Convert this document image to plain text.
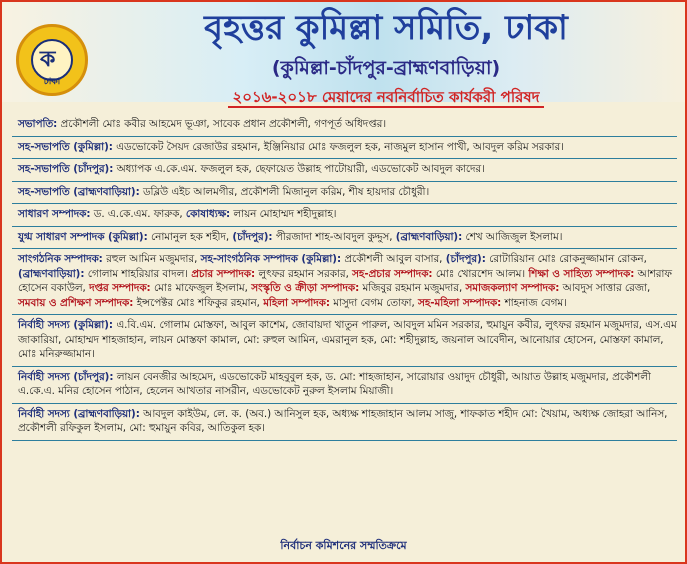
ক
ঢাকা
বৃহত্তর কুমিল্লা সমিতি, ঢাকা
(কুমিল্লা-চাঁদপুর-ব্রাহ্মণবাড়িয়া)
২০১৬-২০১৮ মেয়াদের নবনির্বাচিত কার্যকরী পরিষদ
সভাপতি: প্রকৌশলী মোঃ কবীর আহমেদ ভূঞা, সাবেক প্রধান প্রকৌশলী, গণপূর্ত অধিদপ্তর।
সহ-সভাপতি (কুমিল্লা): এডভোকেট সৈয়দ রেজাউর রহমান, ইঞ্জিনিয়ার মোঃ ফজলুল হক, নাজমুল হাসান পাখী, আবদুল করিম সরকার।
সহ-সভাপতি (চাঁদপুর): অধ্যাপক এ.কে.এম. ফজলুল হক, ছেফায়েত উল্লাহ পাটোয়ারী, এডভোকেট আবদুল কাদের।
সহ-সভাপতি (ব্রাহ্মণবাড়িয়া): ডব্লিউ এইচ আলমগীর, প্রকৌশলী মিজানুল করিম, শীষ হায়দার চৌধুরী।
সাধারণ সম্পাদক: ড. এ.কে.এম. ফারুক, কোষাধ্যক্ষ: লায়ন মোহাম্মদ শহীদুল্লাহ।
যুগ্ম সাধারণ সম্পাদক (কুমিল্লা): নোমানুল হক শহীদ, (চাঁদপুর): পীরজাদা শাহ-আবদুল কুদ্দুস, (ব্রাহ্মণবাড়িয়া): শেখ আজিজুল ইসলাম।
সাংগঠনিক সম্পাদক: রহুল আমিন মজুমদার, সহ-সাংগঠনিক সম্পাদক (কুমিল্লা): প্রকৌশলী আবুল বাসার, (চাঁদপুর): রোটারিয়ান মোঃ রোকনুজ্জামান রোকন, (ব্রাহ্মণবাড়িয়া): গোলাম শাহরিয়ার বাদল। প্রচার সম্পাদক: লুৎফর রহমান সরকার, সহ-প্রচার সম্পাদক: মোঃ খোরশেদ আলম। শিক্ষা ও সাহিত্য সম্পাদক: আশরাফ হোসেন বকাউল, দপ্তর সম্পাদক: মোঃ মাফেজুল ইসলাম, সংস্কৃতি ও ক্রীড়া সম্পাদক: মজিবুর রহমান মজুমদার, সমাজকল্যাণ সম্পাদক: আবদুস সাত্তার রেজা, সমবায় ও প্রশিক্ষণ সম্পাদক: ইন্সপেক্টর মোঃ শফিকুর রহমান, মহিলা সম্পাদক: মাসুদা বেগম তোফা, সহ-মহিলা সম্পাদক: শাহনাজ বেগম।
নির্বাহী সদস্য (কুমিল্লা): এ.বি.এম. গোলাম মোস্তফা, আবুল কাশেম, জোবায়দা খাতুন পারুল, আবদুল মমিন সরকার, হুমায়ুন কবীর, লুৎফর রহমান মজুমদার, এস.এম জাকারিয়া, মোহাম্মদ শাহজাহান, লায়ন মোস্তফা কামাল, মো: রুহুল আমিন, এমরানুল হক, মো: শহীদুল্লাহ, জয়নাল আবেদীন, আনোয়ার হোসেন, মোস্তফা কামাল, মোঃ মনিরুজ্জামান।
নির্বাহী সদস্য (চাঁদপুর): লায়ন বেনজীর আহমেদ, এডভোকেট মাহবুবুল হক, ড. মো: শাহজাহান, সারোয়ার ওয়াদুদ চৌধুরী, আয়াত উল্লাহ মজুমদার, প্রকৌশলী এ.কে.এ. মনির হোসেন পাঠান, হেলেন আখতার নাসরীন, এডভোকেট নুরুল ইসলাম মিয়াজী।
নির্বাহী সদস্য (ব্রাহ্মণবাড়িয়া): আবদুল কাইউম, লে. ক. (অব.) আনিসুল হক, অধ্যক্ষ শাহজাহান আলম সাজু, শাফকাত শহীদ মো: খৈয়াম, অধ্যক্ষ জোহরা আনিস, প্রকৌশলী রফিকুল ইসলাম, মো: হুমায়ুন কবির, আতিকুল হক।
নির্বাচন কমিশনের সম্মতিক্রমে
